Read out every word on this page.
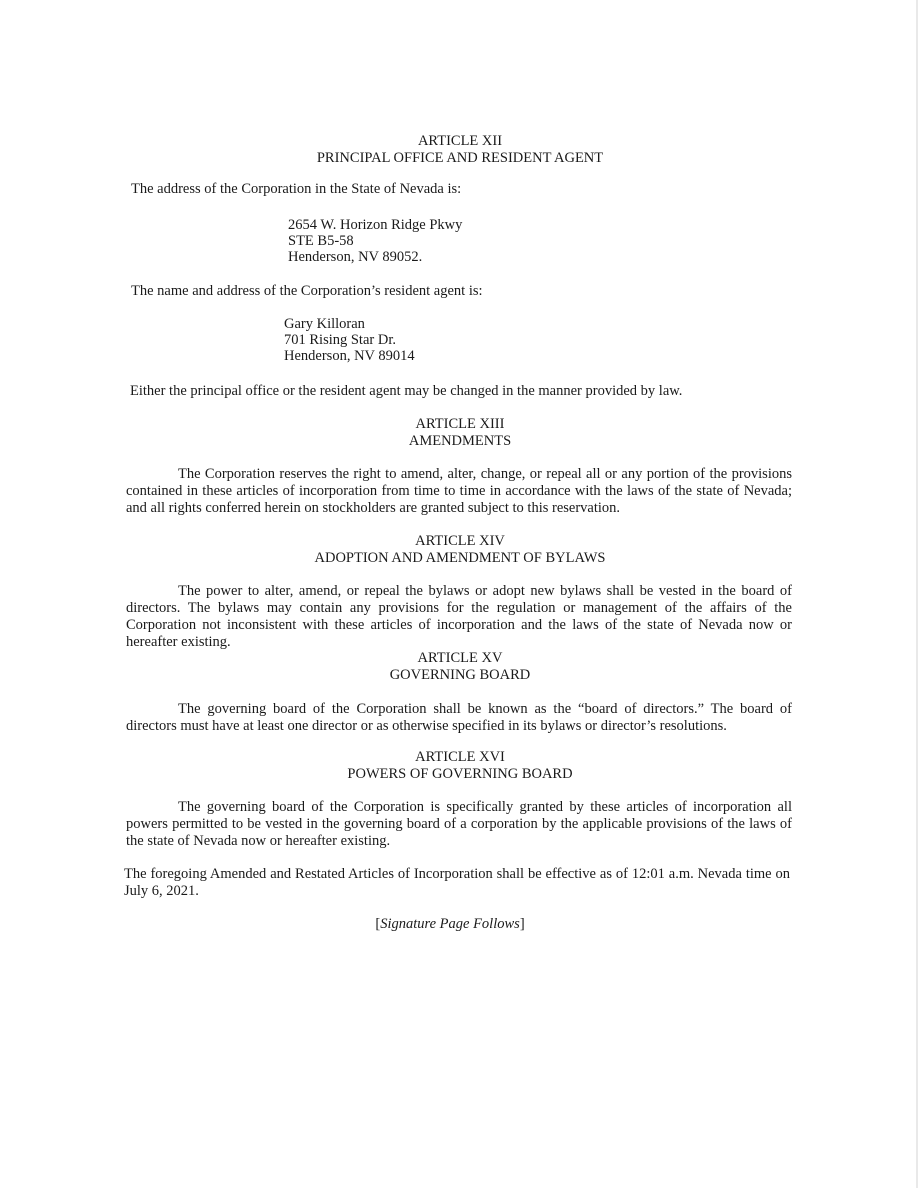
ARTICLE XII

PRINCIPAL OFFICE AND RESIDENT AGENT

The address of the Corporation in the State of Nevada is:

2654 W. Horizon Ridge Pkwy
STE B5-58
Henderson, NV 89052.

The name and address of the Corporation’s resident agent is:

Gary Killoran
701 Rising Star Dr.
Henderson, NV 89014

Either the principal office or the resident agent may be changed in the manner provided by law.

ARTICLE XIII

AMENDMENTS

The Corporation reserves the right to amend, alter, change, or repeal all or any portion of the provisions contained in these articles of incorporation from time to time in accordance with the laws of the state of Nevada; and all rights conferred herein on stockholders are granted subject to this reservation.

ARTICLE XIV

ADOPTION AND AMENDMENT OF BYLAWS

The power to alter, amend, or repeal the bylaws or adopt new bylaws shall be vested in the board of directors. The bylaws may contain any provisions for the regulation or management of the affairs of the Corporation not inconsistent with these articles of incorporation and the laws of the state of Nevada now or hereafter existing.

ARTICLE XV

GOVERNING BOARD

The governing board of the Corporation shall be known as the “board of directors.” The board of directors must have at least one director or as otherwise specified in its bylaws or director’s resolutions.

ARTICLE XVI

POWERS OF GOVERNING BOARD

The governing board of the Corporation is specifically granted by these articles of incorporation all powers permitted to be vested in the governing board of a corporation by the applicable provisions of the laws of the state of Nevada now or hereafter existing.

The foregoing Amended and Restated Articles of Incorporation shall be effective as of 12:01 a.m. Nevada time on July 6, 2021.

[Signature Page Follows]
